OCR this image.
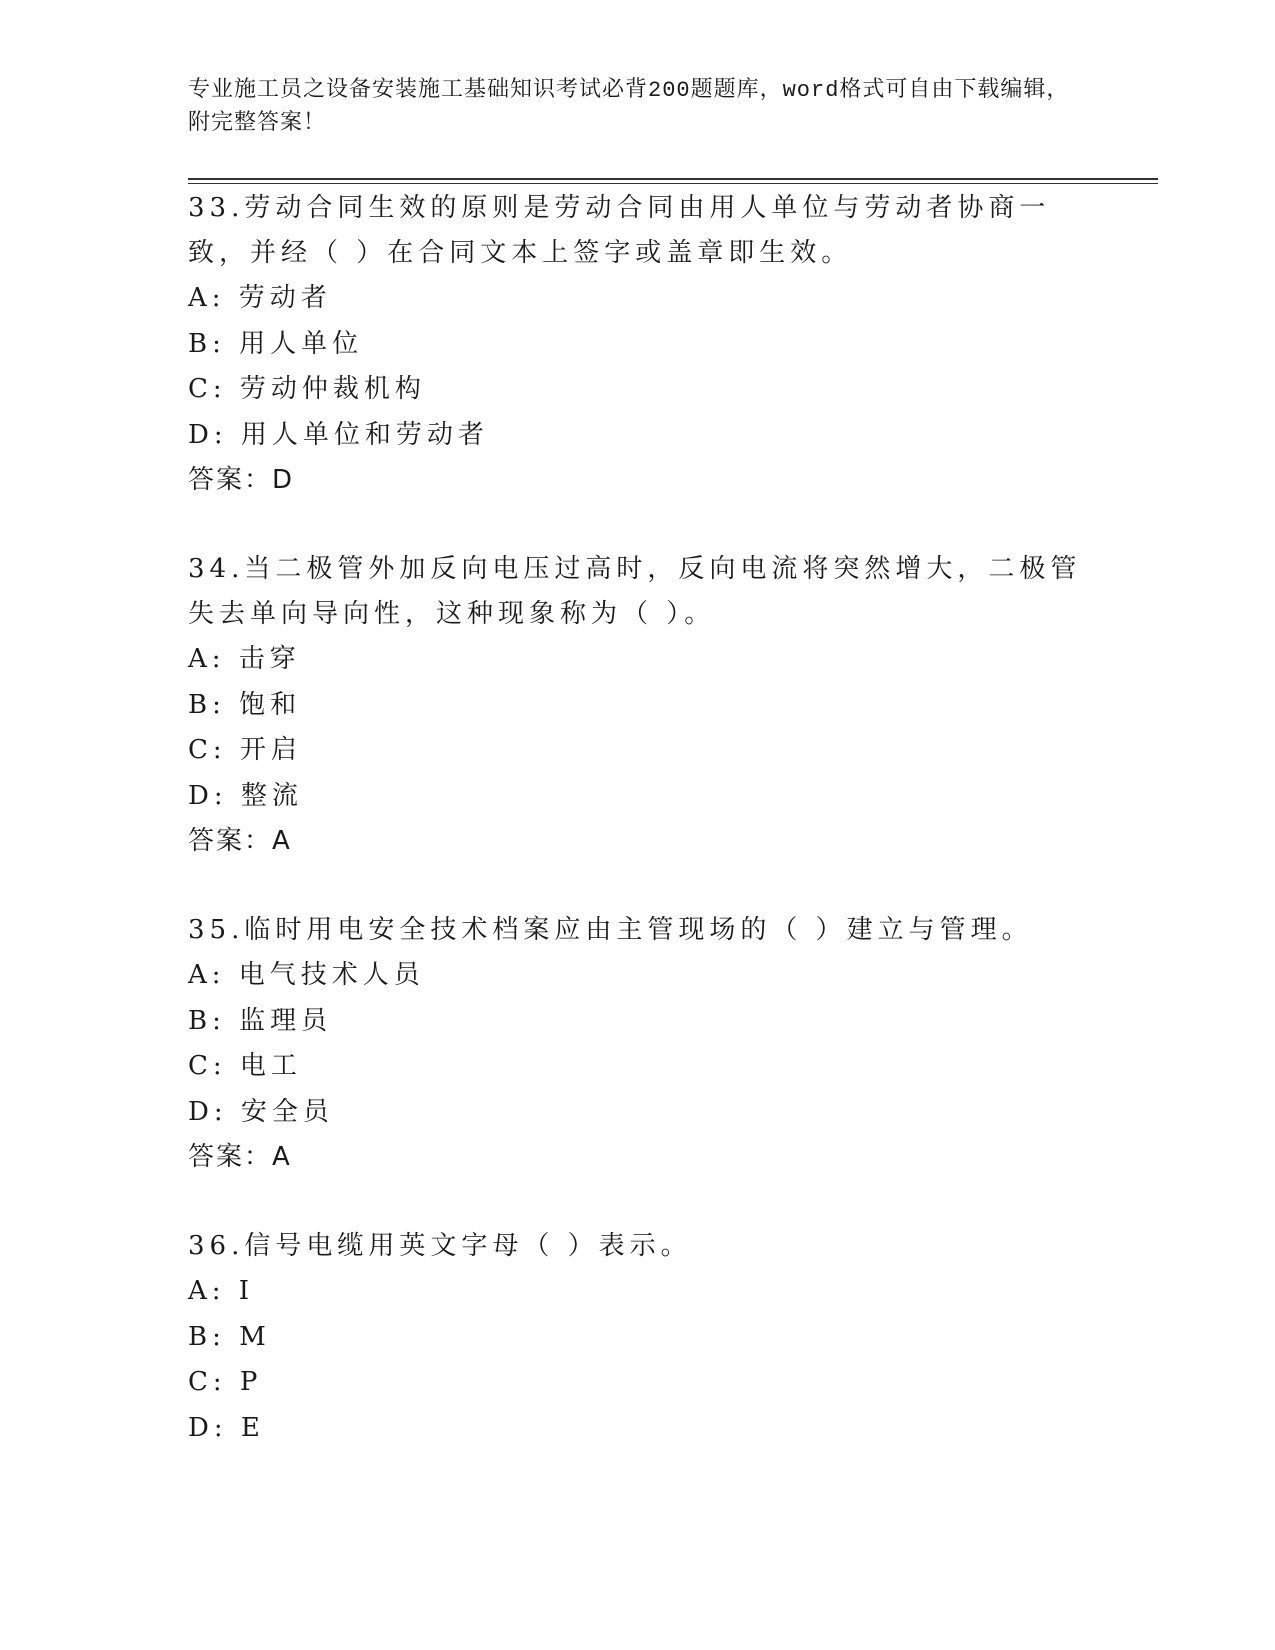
专业施工员之设备安装施工基础知识考试必背200题题库，word格式可自由下载编辑，附完整答案！
33.劳动合同生效的原则是劳动合同由用人单位与劳动者协商一致，并经（ ）在合同文本上签字或盖章即生效。
A: 劳动者
B: 用人单位
C: 劳动仲裁机构
D: 用人单位和劳动者
答案：D
34.当二极管外加反向电压过高时，反向电流将突然增大，二极管失去单向导向性，这种现象称为（ ）。
A: 击穿
B: 饱和
C: 开启
D: 整流
答案：A
35.临时用电安全技术档案应由主管现场的（ ）建立与管理。
A: 电气技术人员
B: 监理员
C: 电工
D: 安全员
答案：A
36.信号电缆用英文字母（ ）表示。
A: I
B: M
C: P
D: E
